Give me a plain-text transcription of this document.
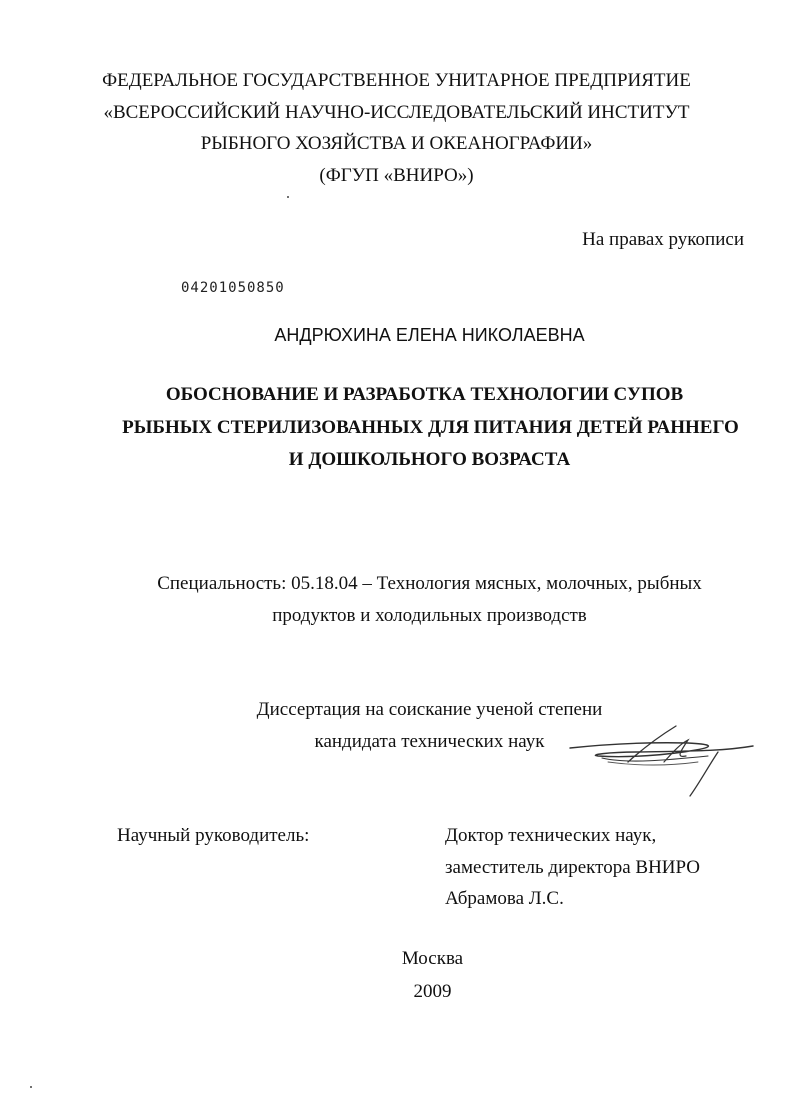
ФЕДЕРАЛЬНОЕ ГОСУДАРСТВЕННОЕ УНИТАРНОЕ ПРЕДПРИЯТИЕ
«ВСЕРОССИЙСКИЙ НАУЧНО-ИССЛЕДОВАТЕЛЬСКИЙ ИНСТИТУТ
РЫБНОГО ХОЗЯЙСТВА И ОКЕАНОГРАФИИ»
(ФГУП «ВНИРО»)
На правах рукописи
04201050850
АНДРЮХИНА ЕЛЕНА НИКОЛАЕВНА
ОБОСНОВАНИЕ И РАЗРАБОТКА ТЕХНОЛОГИИ СУПОВ
РЫБНЫХ СТЕРИЛИЗОВАННЫХ ДЛЯ ПИТАНИЯ ДЕТЕЙ РАННЕГО
И ДОШКОЛЬНОГО ВОЗРАСТА
Специальность: 05.18.04 – Технология мясных, молочных, рыбных
продуктов и холодильных производств
Диссертация на соискание ученой степени
кандидата технических наук
Научный руководитель:	Доктор технических наук,
заместитель директора ВНИРО
Абрамова Л.С.
Москва
2009
